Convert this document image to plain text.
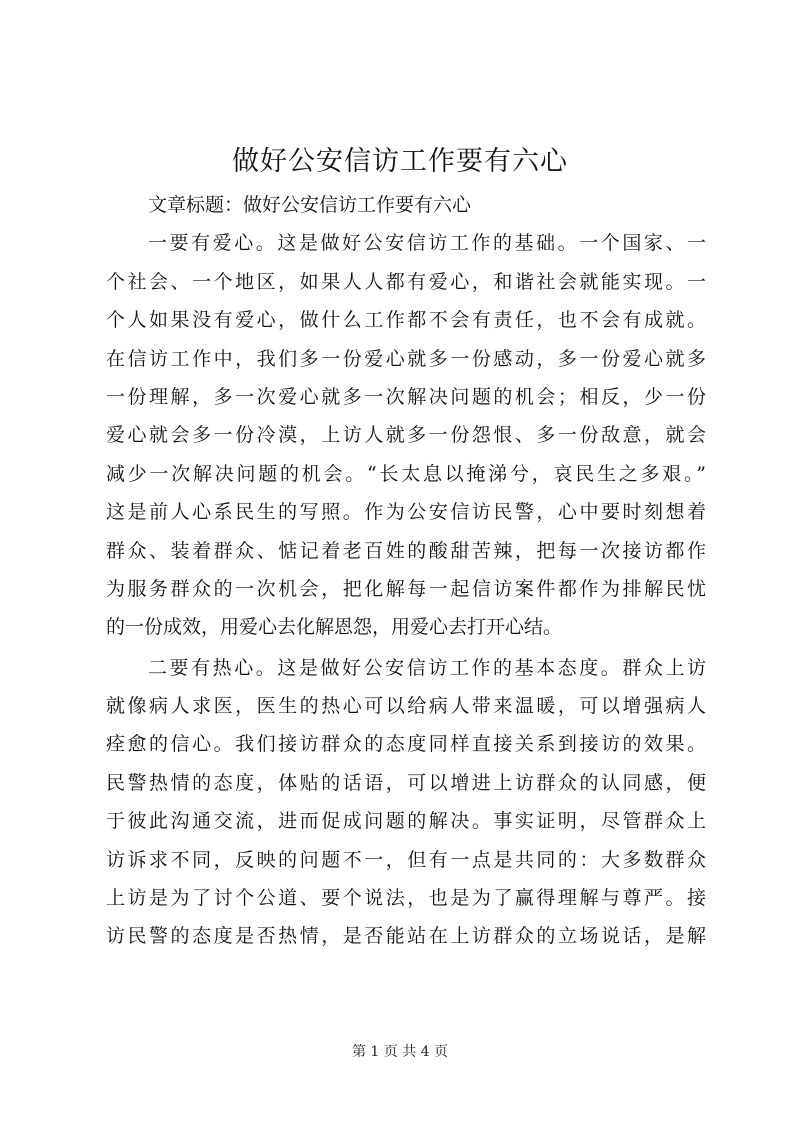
做好公安信访工作要有六心
文章标题：做好公安信访工作要有六心
一要有爱心。这是做好公安信访工作的基础。一个国家、一
个社会、一个地区，如果人人都有爱心，和谐社会就能实现。一
个人如果没有爱心，做什么工作都不会有责任，也不会有成就。
在信访工作中，我们多一份爱心就多一份感动，多一份爱心就多
一份理解，多一次爱心就多一次解决问题的机会；相反，少一份
爱心就会多一份冷漠，上访人就多一份怨恨、多一份敌意，就会
减少一次解决问题的机会。“长太息以掩涕兮，哀民生之多艰。”
这是前人心系民生的写照。作为公安信访民警，心中要时刻想着
群众、装着群众、惦记着老百姓的酸甜苦辣，把每一次接访都作
为服务群众的一次机会，把化解每一起信访案件都作为排解民忧
的一份成效，用爱心去化解恩怨，用爱心去打开心结。
二要有热心。这是做好公安信访工作的基本态度。群众上访
就像病人求医，医生的热心可以给病人带来温暖，可以增强病人
痊愈的信心。我们接访群众的态度同样直接关系到接访的效果。
民警热情的态度，体贴的话语，可以增进上访群众的认同感，便
于彼此沟通交流，进而促成问题的解决。事实证明，尽管群众上
访诉求不同，反映的问题不一，但有一点是共同的：大多数群众
上访是为了讨个公道、要个说法，也是为了赢得理解与尊严。接
访民警的态度是否热情，是否能站在上访群众的立场说话，是解
第 1 页 共 4 页
